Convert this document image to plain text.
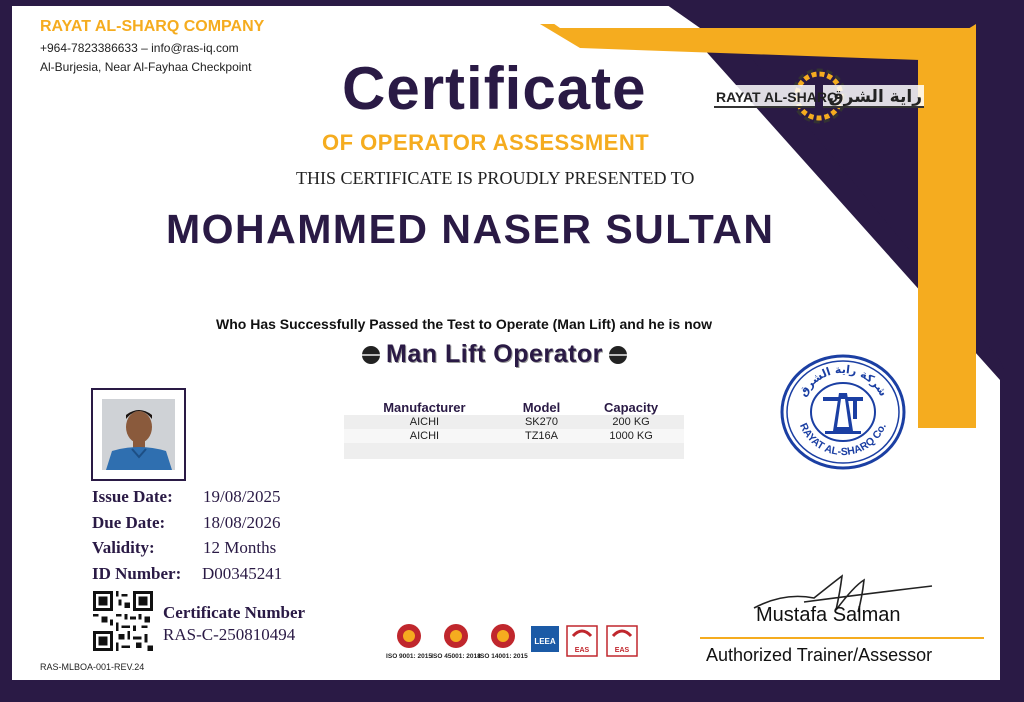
RAYAT AL-SHARQ COMPANY
+964-7823386633 – info@ras-iq.com
Al-Burjesia, Near Al-Fayhaa Checkpoint Certificate
OF OPERATOR ASSESSMENT
THIS CERTIFICATE IS PROUDLY PRESENTED TO
RAYAT AL-SHARQ
راية الشرق
MOHAMMED NASER SULTAN
Who Has Successfully Passed the Test to Operate (Man Lift) and he is now
Man Lift Operator
Issue Date: 19/08/2025
Due Date: 18/08/2026
Validity:	12 Months
ID Number: D00345241
Certificate Number
RAS-C-250810494
RAS-MLBOA-001-REV.24
Manufacturer	Model	Capacity
AICHI	SK270	200 KG
AICHI	TZ16A	1000 KG

شركة راية الشرق
RAYAT AL-SHARQ Co.
ISO 9001: 2015 ISO 45001: 2018
ISO 14001: 2015
LEEA
EAS	EAS
Mustafa Salman
Authorized Trainer/Assessor
